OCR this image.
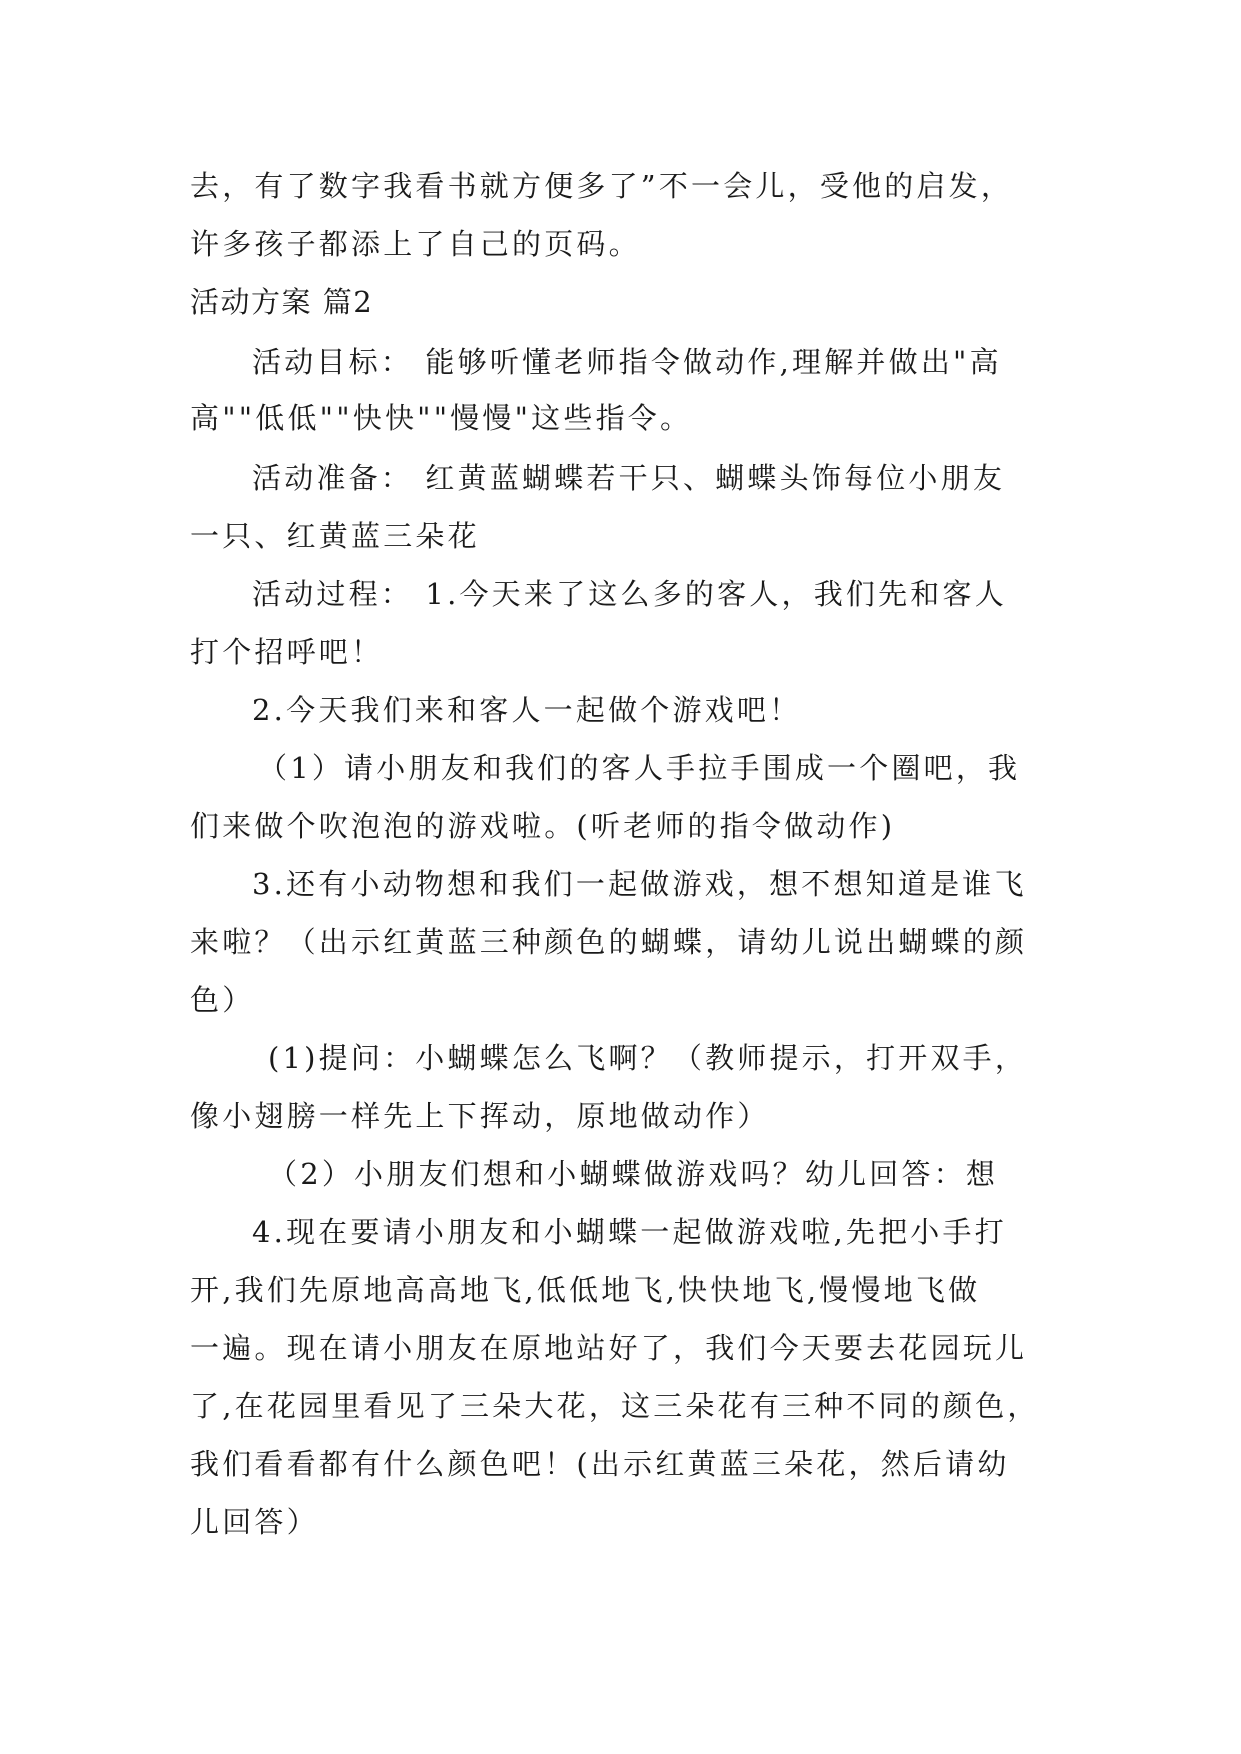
去，有了数字我看书就方便多了”不一会儿，受他的启发，
许多孩子都添上了自己的页码。
活动方案 篇2
活动目标： 能够听懂老师指令做动作,理解并做出"高
高""低低""快快""慢慢"这些指令。
活动准备： 红黄蓝蝴蝶若干只、蝴蝶头饰每位小朋友
一只、红黄蓝三朵花
活动过程： 1.今天来了这么多的客人，我们先和客人
打个招呼吧！
2.今天我们来和客人一起做个游戏吧！
（1）请小朋友和我们的客人手拉手围成一个圈吧，我
们来做个吹泡泡的游戏啦。(听老师的指令做动作)
3.还有小动物想和我们一起做游戏，想不想知道是谁飞
来啦？（出示红黄蓝三种颜色的蝴蝶，请幼儿说出蝴蝶的颜
色）
(1)提问：小蝴蝶怎么飞啊？（教师提示，打开双手，
像小翅膀一样先上下挥动，原地做动作）
（2）小朋友们想和小蝴蝶做游戏吗？幼儿回答：想
4.现在要请小朋友和小蝴蝶一起做游戏啦,先把小手打
开,我们先原地高高地飞,低低地飞,快快地飞,慢慢地飞做
一遍。现在请小朋友在原地站好了，我们今天要去花园玩儿
了,在花园里看见了三朵大花，这三朵花有三种不同的颜色，
我们看看都有什么颜色吧！(出示红黄蓝三朵花，然后请幼
儿回答）
